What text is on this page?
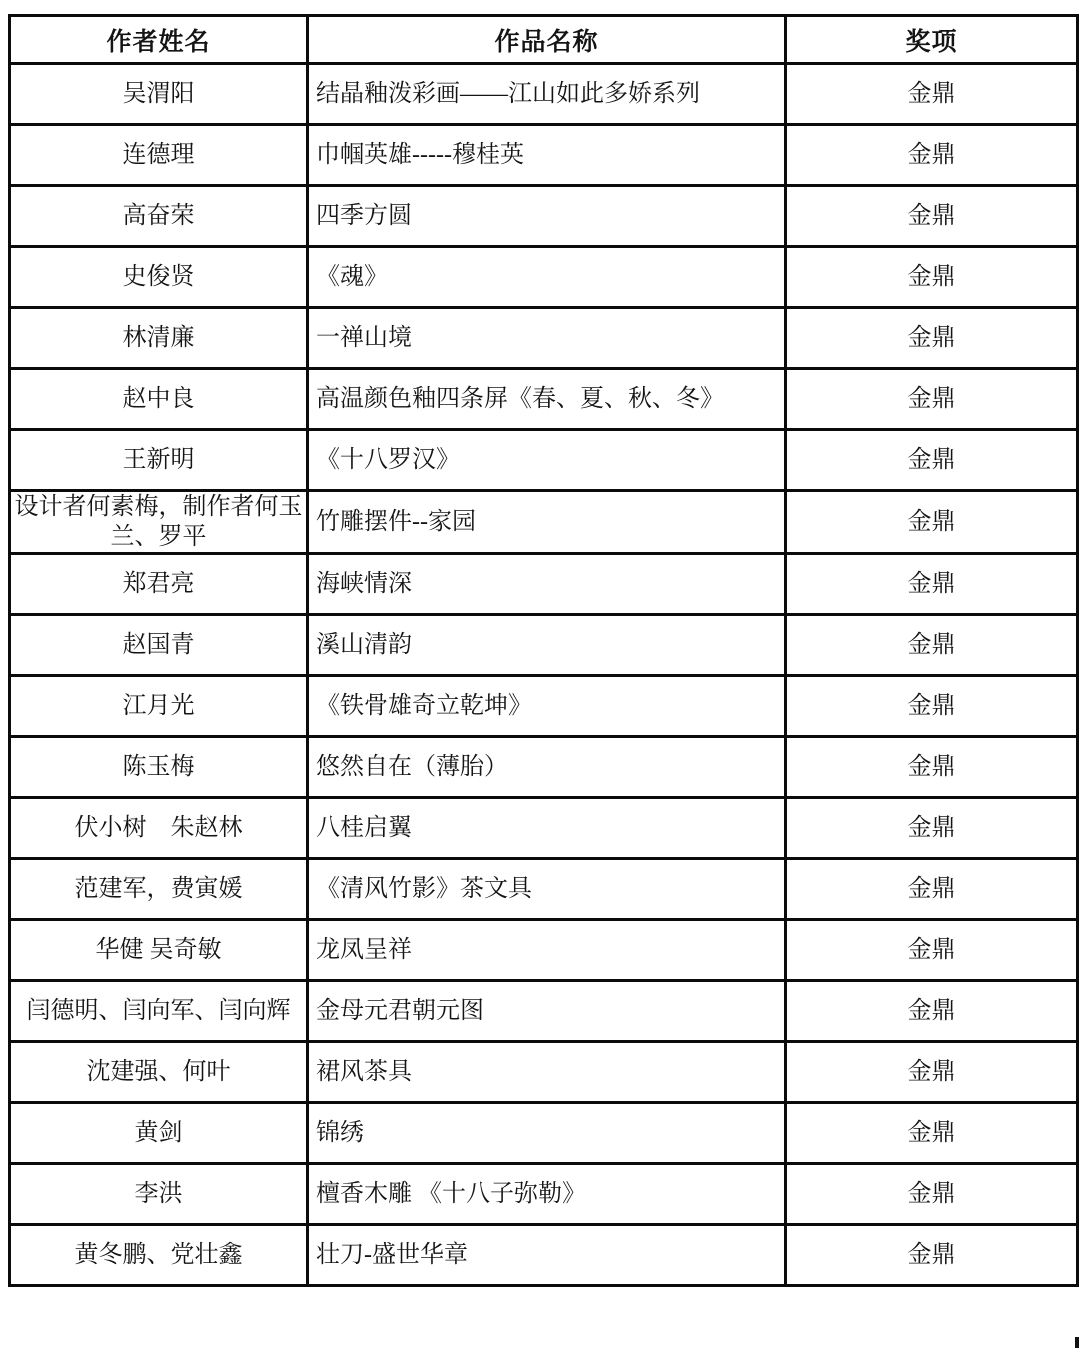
作者姓名	作品名称	奖项
吴渭阳	结晶釉泼彩画——江山如此多娇系列	金鼎
连德理	巾帼英雄-----穆桂英	金鼎
高奋荣	四季方圆	金鼎
史俊贤	《魂》	金鼎
林清廉	一禅山境	金鼎
赵中良	高温颜色釉四条屏《春、夏、秋、冬》	金鼎
王新明	《十八罗汉》	金鼎
设计者何素梅，制作者何玉兰、罗平	竹雕摆件--家园	金鼎
郑君亮	海峡情深	金鼎
赵国青	溪山清韵	金鼎
江月光	《铁骨雄奇立乾坤》	金鼎
陈玉梅	悠然自在（薄胎）	金鼎
伏小树　朱赵林	八桂启翼	金鼎
范建军，费寅媛	《清风竹影》茶文具	金鼎
华健 吴奇敏	龙凤呈祥	金鼎
闫德明、闫向军、闫向辉	金母元君朝元图	金鼎
沈建强、何叶	裙风茶具	金鼎
黄剑	锦绣	金鼎
李洪	檀香木雕 《十八子弥勒》	金鼎
黄冬鹏、党壮鑫	壮刀-盛世华章	金鼎
